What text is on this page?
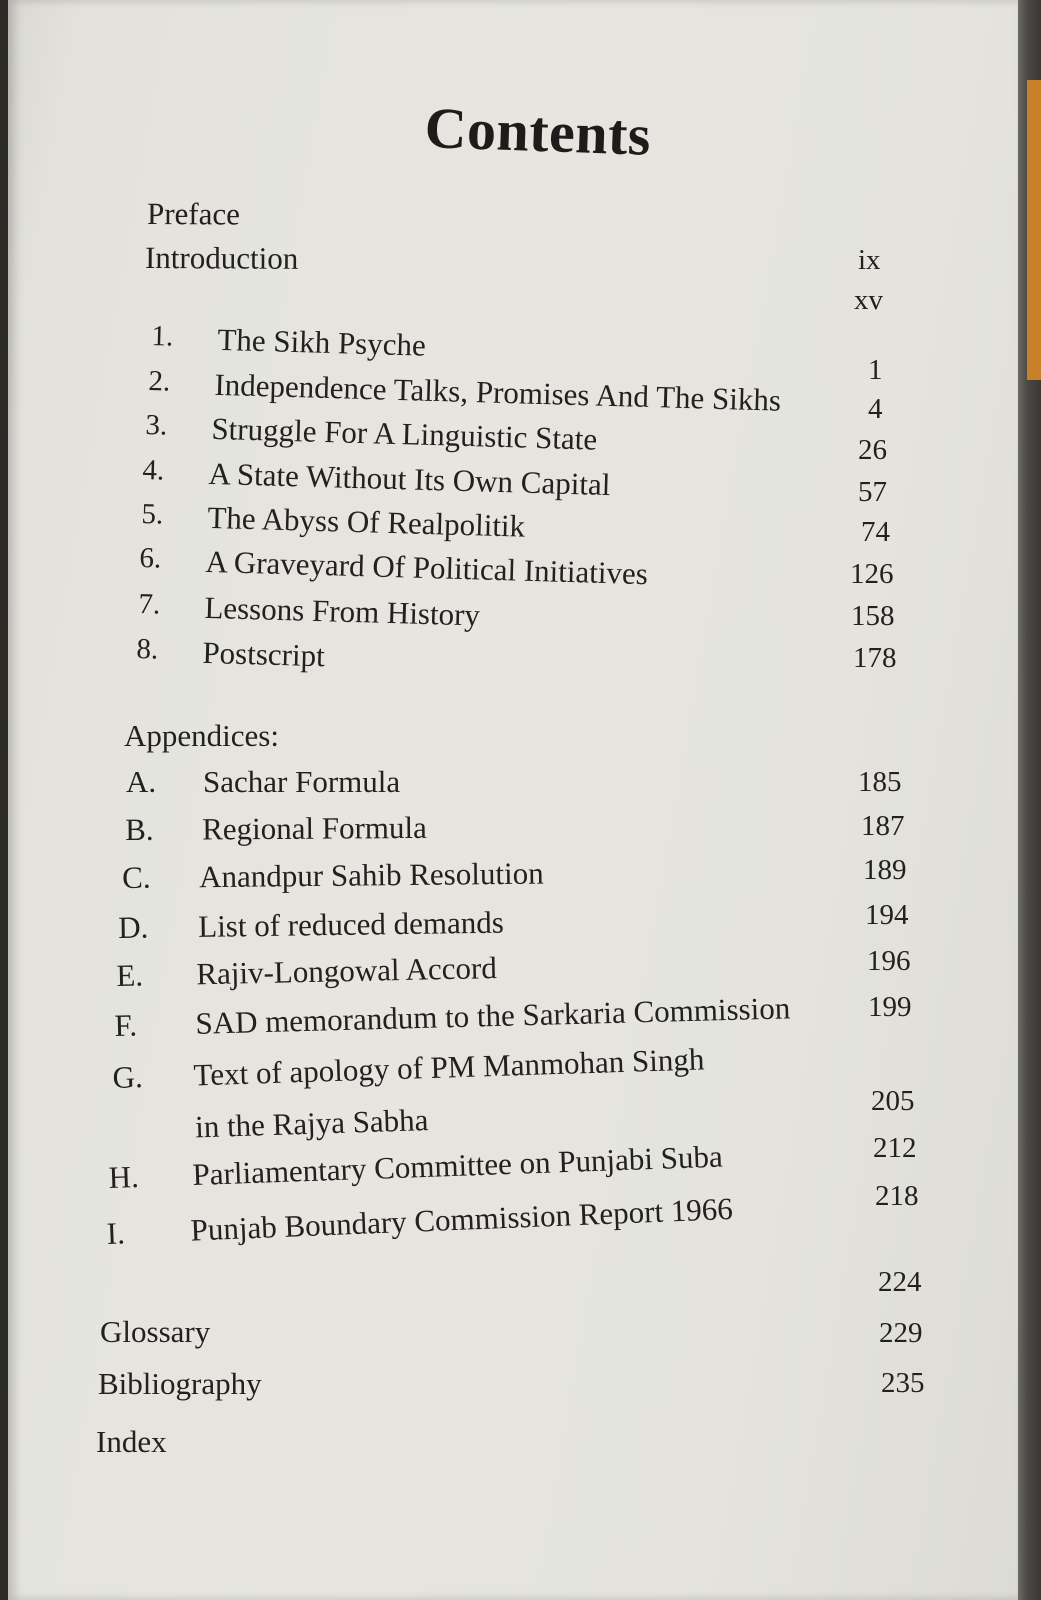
Contents
Preface
Introduction	ix
xv
1. The Sikh Psyche
2. Independence Talks, Promises And The Sikhs
3. Struggle For A Linguistic State
4. A State Without Its Own Capital
5. The Abyss Of Realpolitik
6. A Graveyard Of Political Initiatives
7. Lessons From History
8. Postscript
1
4
26
57
74
126
158
178
Appendices:
A. Sachar Formula
B. Regional Formula
C. Anandpur Sahib Resolution
D. List of reduced demands
E. Rajiv-Longowal Accord
F. SAD memorandum to the Sarkaria Commission
G. Text of apology of PM Manmohan Singh
in the Rajya Sabha
H. Parliamentary Committee on Punjabi Suba
I. Punjab Boundary Commission Report 1966
185
187
189
194
196
199
205
212
218
Glossary
Bibliography
Index
224
229
235
